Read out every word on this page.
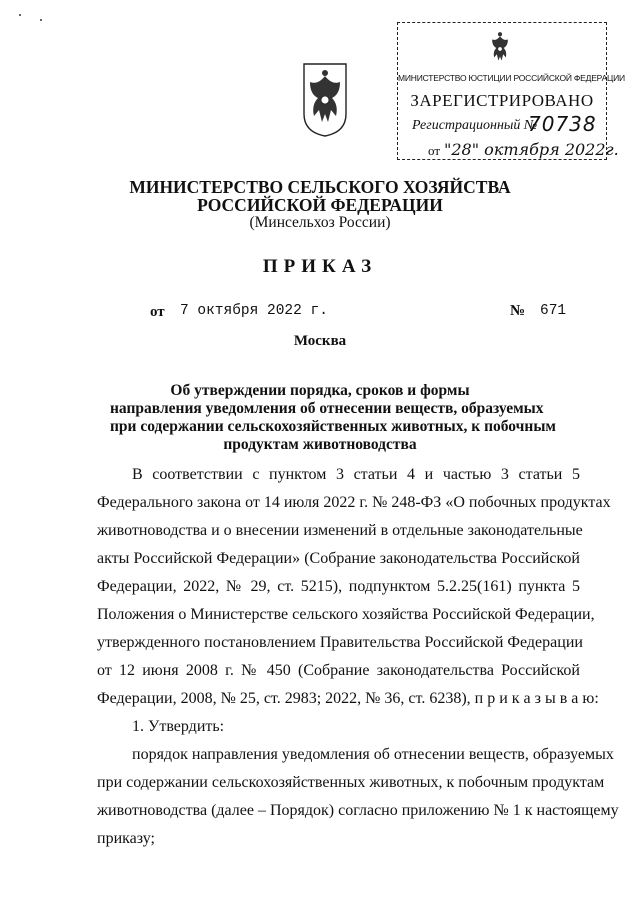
МИНИСТЕРСТВО ЮСТИЦИИ РОССИЙСКОЙ ФЕДЕРАЦИИ
ЗАРЕГИСТРИРОВАНО
Регистрационный №
70738
от "28" октября 2022г.
МИНИСТЕРСТВО СЕЛЬСКОГО ХОЗЯЙСТВА
РОССИЙСКОЙ ФЕДЕРАЦИИ
(Минсельхоз России)
ПРИКАЗ
от 7 октября 2022 г.	№ 671
Москва
Об утверждении порядка, сроков и формы
направления уведомления об отнесении веществ, образуемых
при содержании сельскохозяйственных животных, к побочным
продуктам животноводства
В соответствии с пунктом 3 статьи 4 и частью 3 статьи 5
Федерального закона от 14 июля 2022 г. № 248-ФЗ «О побочных продуктах
животноводства и о внесении изменений в отдельные законодательные
акты Российской Федерации» (Собрание законодательства Российской
Федерации, 2022, № 29, ст. 5215), подпунктом 5.2.25(161) пункта 5
Положения о Министерстве сельского хозяйства Российской Федерации,
утвержденного постановлением Правительства Российской Федерации
от 12 июня 2008 г. № 450 (Собрание законодательства Российской
Федерации, 2008, № 25, ст. 2983; 2022, № 36, ст. 6238), п р и к а з ы в а ю:
1. Утвердить:
порядок направления уведомления об отнесении веществ, образуемых
при содержании сельскохозяйственных животных, к побочным продуктам
животноводства (далее – Порядок) согласно приложению № 1 к настоящему
приказу;
